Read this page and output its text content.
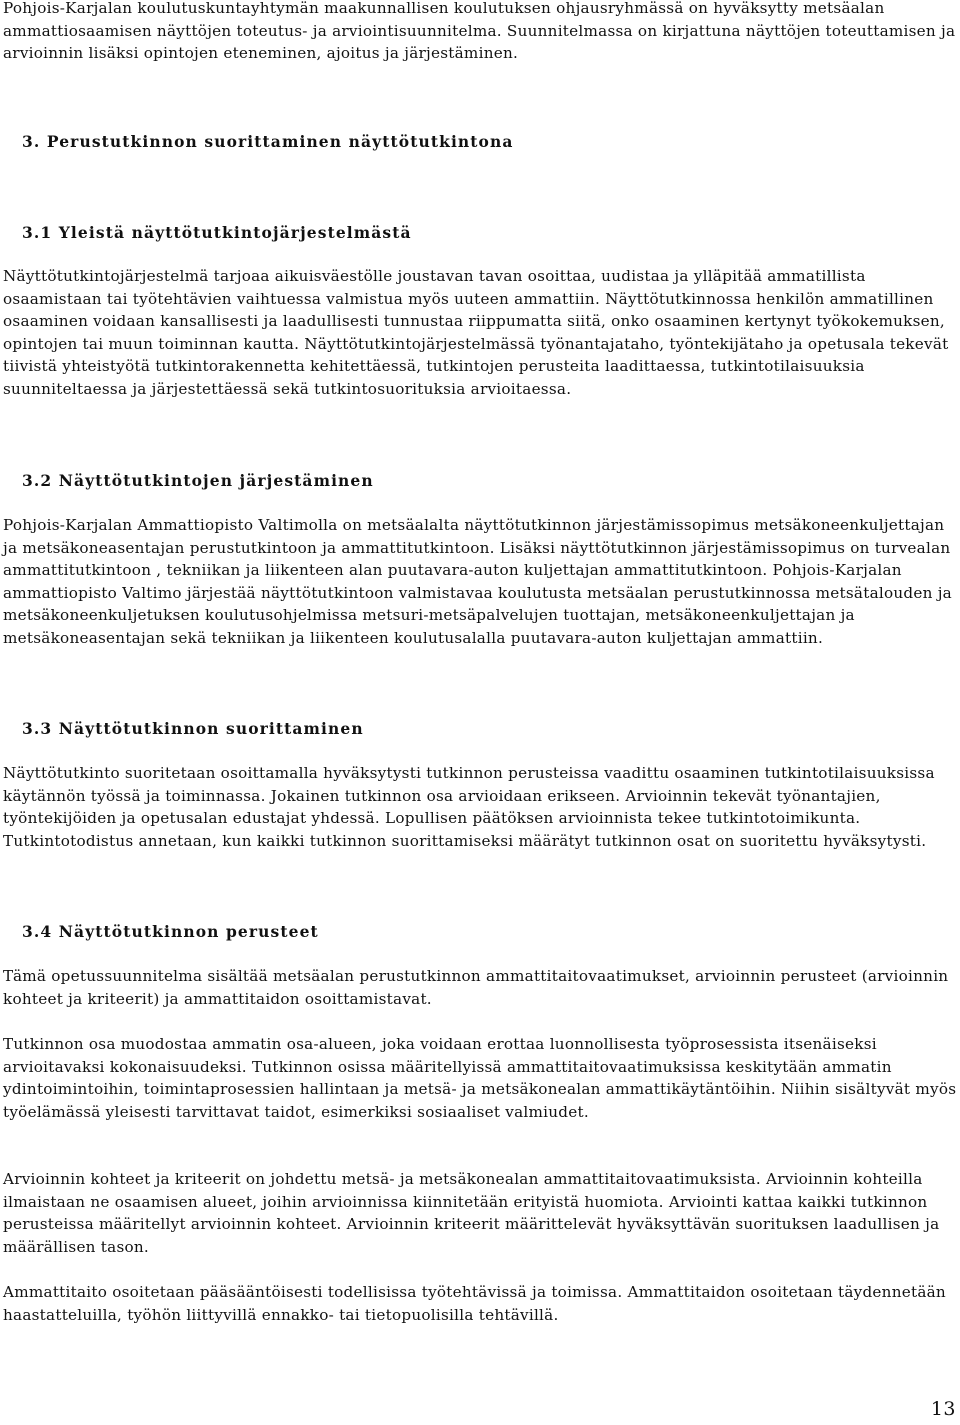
Pohjois-Karjalan koulutuskuntayhtymän maakunnallisen koulutuksen ohjausryhmässä on hyväksytty metsäalan ammattiosaamisen näyttöjen toteutus- ja arviointisuunnitelma. Suunnitelmassa on kirjattuna näyttöjen toteuttamisen ja arvioinnin lisäksi opintojen eteneminen, ajoitus ja järjestäminen.

3. Perustutkinnon suorittaminen näyttötutkintona
3.1 Yleistä näyttötutkintojärjestelmästä

Näyttötutkintojärjestelmä tarjoaa aikuisväestölle joustavan tavan osoittaa, uudistaa ja ylläpitää ammatillista osaamistaan tai työtehtävien vaihtuessa valmistua myös uuteen ammattiin. Näyttötutkinnossa henkilön ammatillinen osaaminen voidaan kansallisesti ja laadullisesti tunnustaa riippumatta siitä, onko osaaminen kertynyt työkokemuksen, opintojen tai muun toiminnan kautta. Näyttötutkintojärjestelmässä työnantajataho, työntekijätaho ja opetusala tekevät tiivistä yhteistyötä tutkintorakennetta kehitettäessä, tutkintojen perusteita laadittaessa, tutkintotilaisuuksia suunniteltaessa ja järjestettäessä sekä tutkintosuorituksia arvioitaessa.

3.2 Näyttötutkintojen järjestäminen

Pohjois-Karjalan Ammattiopisto Valtimolla on metsäalalta näyttötutkinnon järjestämissopimus metsäkoneenkuljettajan ja metsäkoneasentajan perustutkintoon ja ammattitutkintoon. Lisäksi näyttötutkinnon järjestämissopimus on turvealan ammattitutkintoon , tekniikan ja liikenteen alan puutavara-auton kuljettajan ammattitutkintoon. Pohjois-Karjalan ammattiopisto Valtimo järjestää näyttötutkintoon valmistavaa koulutusta metsäalan perustutkinnossa metsätalouden ja metsäkoneenkuljetuksen koulutusohjelmissa metsuri-metsäpalvelujen tuottajan, metsäkoneenkuljettajan ja metsäkoneasentajan sekä tekniikan ja liikenteen koulutusalalla puutavara-auton kuljettajan ammattiin.

3.3 Näyttötutkinnon suorittaminen

Näyttötutkinto suoritetaan osoittamalla hyväksytysti tutkinnon perusteissa vaadittu osaaminen tutkintotilaisuuksissa käytännön työssä ja toiminnassa. Jokainen tutkinnon osa arvioidaan erikseen. Arvioinnin tekevät työnantajien, työntekijöiden ja opetusalan edustajat yhdessä. Lopullisen päätöksen arvioinnista tekee tutkintotoimikunta. Tutkintotodistus annetaan, kun kaikki tutkinnon suorittamiseksi määrätyt tutkinnon osat on suoritettu hyväksytysti.

3.4 Näyttötutkinnon perusteet

Tämä opetussuunnitelma sisältää metsäalan perustutkinnon ammattitaitovaatimukset, arvioinnin perusteet (arvioinnin kohteet ja kriteerit) ja ammattitaidon osoittamistavat.

Tutkinnon osa muodostaa ammatin osa-alueen, joka voidaan erottaa luonnollisesta työprosessista itsenäiseksi arvioitavaksi kokonaisuudeksi. Tutkinnon osissa määritellyissä ammattitaitovaatimuksissa keskitytään ammatin ydintoimintoihin, toimintaprosessien hallintaan ja metsä- ja metsäkonealan ammattikäytäntöihin. Niihin sisältyvät myös työelämässä yleisesti tarvittavat taidot, esimerkiksi sosiaaliset valmiudet.

Arvioinnin kohteet ja kriteerit on johdettu metsä- ja metsäkonealan ammattitaitovaatimuksista. Arvioinnin kohteilla ilmaistaan ne osaamisen alueet, joihin arvioinnissa kiinnitetään erityistä huomiota. Arviointi kattaa kaikki tutkinnon perusteissa määritellyt arvioinnin kohteet. Arvioinnin kriteerit määrittelevät hyväksyttävän suorituksen laadullisen ja määrällisen tason.

Ammattitaito osoitetaan pääsääntöisesti todellisissa työtehtävissä ja toimissa. Ammattitaidon osoitetaan täydennetään haastatteluilla, työhön liittyvillä ennakko- tai tietopuolisilla tehtävillä.

13
